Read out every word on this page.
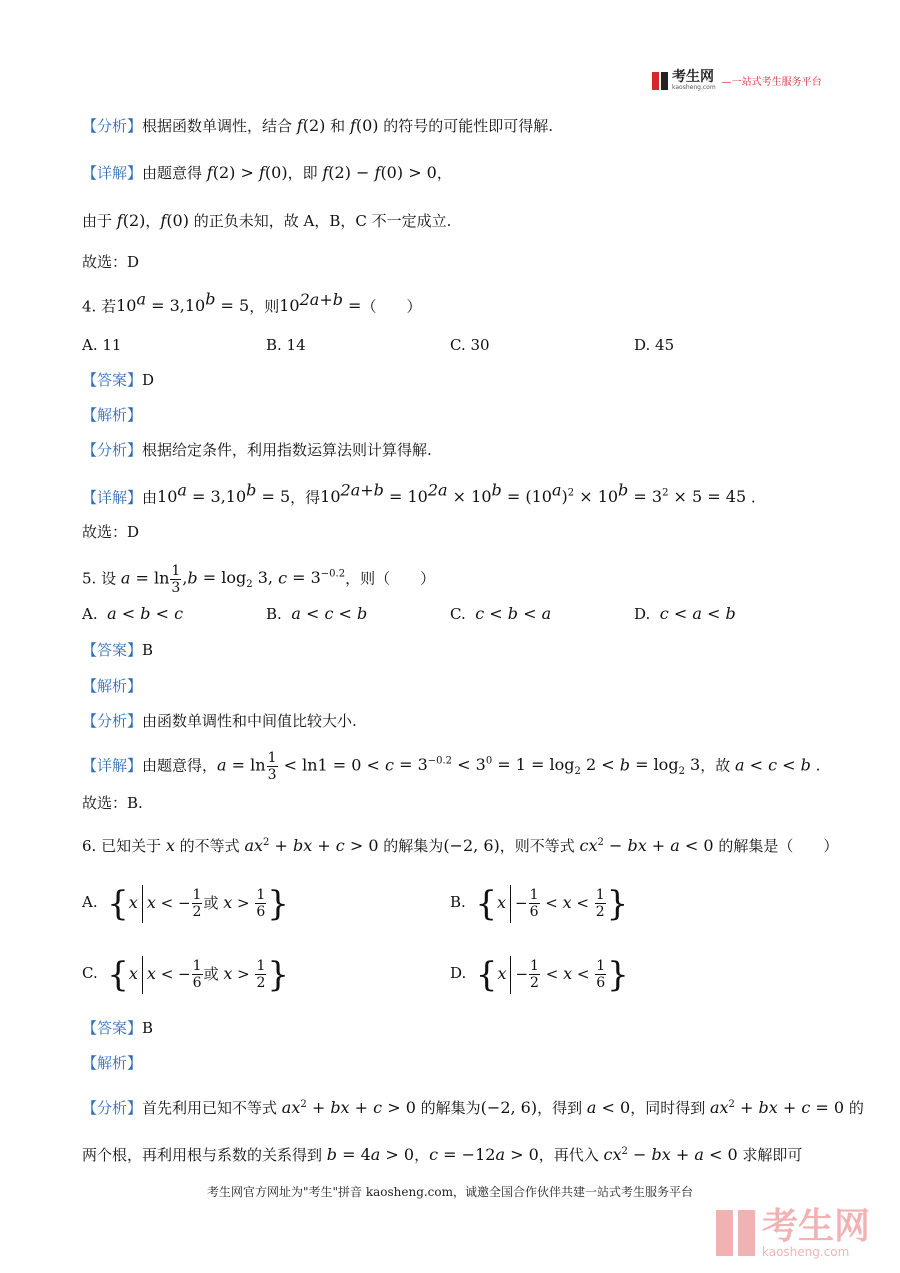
考生网
kaosheng.com —一站式考生服务平台
【分析】根据函数单调性，结合 f(2) 和 f(0) 的符号的可能性即可得解.
【详解】由题意得 f(2) > f(0)，即 f(2) − f(0) > 0，
由于 f(2)，f(0) 的正负未知，故 A，B，C 不一定成立.
故选：D
4. 若$10^a = 3,10^b = 5$，则$10^{2a+b}$ =（　　）
A. 11	B. 14	C. 30	D. 45
【答案】D
【解析】
【分析】根据给定条件，利用指数运算法则计算得解.
【详解】由$10^a = 3,10^b = 5$，得$10^{2a+b} = 10^{2a} \times 10^b = (10^a)^2 \times 10^b = 3^2 \times 5 = 45$ .
故选：D
5. 设 $a = \ln \frac{1}{3} ,b = \log_2 3$, $c = 3^{-0.2}$，则（　　）
A.  a < b < c	B.  a < c < b	C.  c < b < a	D.  c < a < b
【答案】B
【解析】
【分析】由函数单调性和中间值比较大小.
【详解】由题意得，$a = \ln \frac{1}{3} < \ln 1 = 0 < c = 3^{-0.2} < 3^0 = 1 = \log_2 2 < b = \log_2 3$，故 a < c < b .
故选：B.
6. 已知关于 x 的不等式 $ax^2$ + bx + c > 0 的解集为(−2, 6)，则不等式 $cx^2$ − bx + a < 0 的解集是（　　）
A.  {x x < − $\frac{1}{2}$ 或 $x > \frac{1}{6}$ }	B.  {$x - \frac{1}{6} < x < \frac{1}{2}$ }
C.  {x x < − $\frac{1}{6}$ 或 $x > \frac{1}{2}$ }	D.  {$x - \frac{1}{2} < x < \frac{1}{6}$ }
【答案】B
【解析】
【分析】首先利用已知不等式 $ax^2$ + bx + c > 0 的解集为(−2, 6)，得到 a < 0，同时得到 $ax^2$ + bx + c = 0 的
两个根，再利用根与系数的关系得到 b = 4a > 0，c = −12a > 0，再代入 $cx^2$ − bx + a < 0 求解即可
考生网官方网址为"考生"拼音 kaosheng.com，诚邀全国合作伙伴共建一站式考生服务平台
考生网
kaosheng.com
